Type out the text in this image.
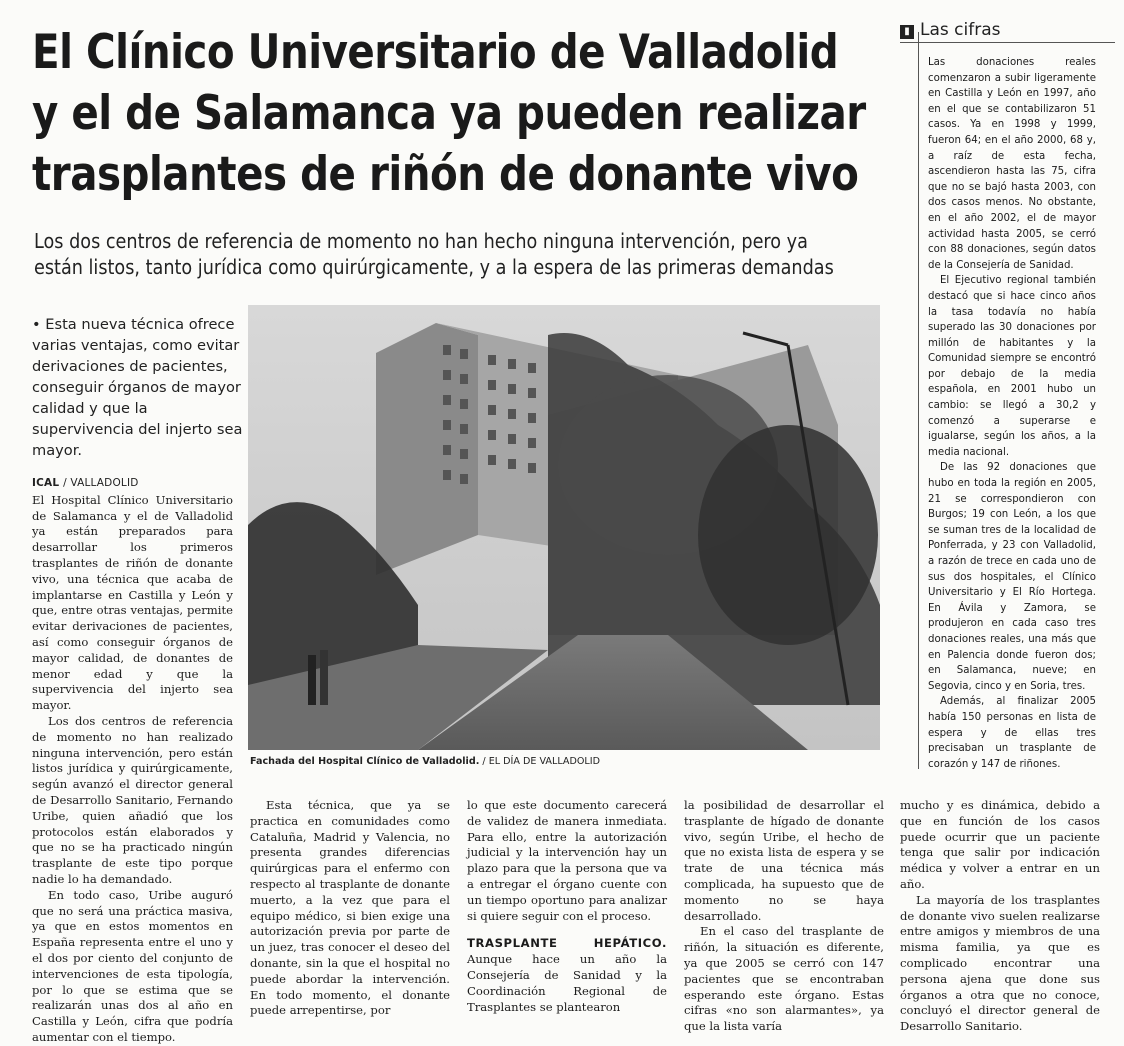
El Clínico Universitario de Valladolid
y el de Salamanca ya pueden realizar
trasplantes de riñón de donante vivo
Los dos centros de referencia de momento no han hecho ninguna intervención, pero ya
están listos, tanto jurídica como quirúrgicamente, y a la espera de las primeras demandas
• Esta nueva técnica ofrece varias ventajas, como evitar derivaciones de pacientes, conseguir órganos de mayor calidad y que la supervivencia del injerto sea mayor.
ICAL / VALLADOLID

El Hospital Clínico Universitario de Salamanca y el de Valladolid ya están preparados para desarrollar los primeros trasplantes de riñón de donante vivo, una técnica que acaba de implantarse en Castilla y León y que, entre otras ventajas, permite evitar derivaciones de pacientes, así como conseguir órganos de mayor calidad, de donantes de menor edad y que la supervivencia del injerto sea mayor.

Los dos centros de referencia de momento no han realizado ninguna intervención, pero están listos jurídica y quirúrgicamente, según avanzó el director general de Desarrollo Sanitario, Fernando Uribe, quien añadió que los protocolos están elaborados y que no se ha practicado ningún trasplante de este tipo porque nadie lo ha demandado.

En todo caso, Uribe auguró que no será una práctica masiva, ya que en estos momentos en España representa entre el uno y el dos por ciento del conjunto de intervenciones de esta tipología, por lo que se estima que se realizarán unas dos al año en Castilla y León, cifra que podría aumentar con el tiempo.

Fachada del Hospital Clínico de Valladolid. / EL DÍA DE VALLADOLID

Esta técnica, que ya se practica en comunidades como Cataluña, Madrid y Valencia, no presenta grandes diferencias quirúrgicas para el enfermo con respecto al trasplante de donante muerto, a la vez que para el equipo médico, si bien exige una autorización previa por parte de un juez, tras conocer el deseo del donante, sin la que el hospital no puede abordar la intervención. En todo momento, el donante puede arrepentirse, por

lo que este documento carecerá de validez de manera inmediata. Para ello, entre la autorización judicial y la intervención hay un plazo para que la persona que va a entregar el órgano cuente con un tiempo oportuno para analizar si quiere seguir con el proceso.

TRASPLANTE HEPÁTICO. Aunque hace un año la Consejería de Sanidad y la Coordinación Regional de Trasplantes se plantearon

la posibilidad de desarrollar el trasplante de hígado de donante vivo, según Uribe, el hecho de que no exista lista de espera y se trate de una técnica más complicada, ha supuesto que de momento no se haya desarrollado.

En el caso del trasplante de riñón, la situación es diferente, ya que 2005 se cerró con 147 pacientes que se encontraban esperando este órgano. Estas cifras «no son alarmantes», ya que la lista varía

mucho y es dinámica, debido a que en función de los casos puede ocurrir que un paciente tenga que salir por indicación médica y volver a entrar en un año.

La mayoría de los trasplantes de donante vivo suelen realizarse entre amigos y miembros de una misma familia, ya que es complicado encontrar una persona ajena que done sus órganos a otra que no conoce, concluyó el director general de Desarrollo Sanitario.

▮ Las cifras

Las donaciones reales comenzaron a subir ligeramente en Castilla y León en 1997, año en el que se contabilizaron 51 casos. Ya en 1998 y 1999, fueron 64; en el año 2000, 68 y, a raíz de esta fecha, ascendieron hasta las 75, cifra que no se bajó hasta 2003, con dos casos menos. No obstante, en el año 2002, el de mayor actividad hasta 2005, se cerró con 88 donaciones, según datos de la Consejería de Sanidad.

El Ejecutivo regional también destacó que si hace cinco años la tasa todavía no había superado las 30 donaciones por millón de habitantes y la Comunidad siempre se encontró por debajo de la media española, en 2001 hubo un cambio: se llegó a 30,2 y comenzó a superarse e igualarse, según los años, a la media nacional.

De las 92 donaciones que hubo en toda la región en 2005, 21 se correspondieron con Burgos; 19 con León, a los que se suman tres de la localidad de Ponferrada, y 23 con Valladolid, a razón de trece en cada uno de sus dos hospitales, el Clínico Universitario y El Río Hortega. En Ávila y Zamora, se produjeron en cada caso tres donaciones reales, una más que en Palencia donde fueron dos; en Salamanca, nueve; en Segovia, cinco y en Soria, tres.

Además, al finalizar 2005 había 150 personas en lista de espera y de ellas tres precisaban un trasplante de corazón y 147 de riñones.
